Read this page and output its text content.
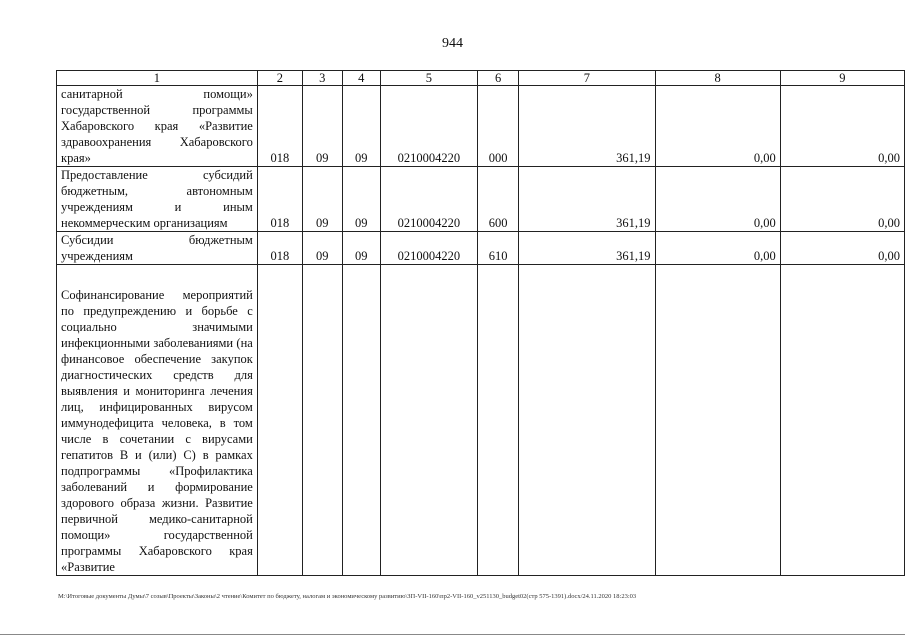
944
1	2	3	4	5	6	7	8	9
санитарной помощи» государственной программы Хабаровского края «Развитие здравоохранения Хабаровского края»	018	09	09	0210004220	000	361,19	0,00	0,00
Предоставление субсидий бюджетным, автономным учреждениям и иным некоммерческим организациям	018	09	09	0210004220	600	361,19	0,00	0,00
Субсидии бюджетным учреждениям	018	09	09	0210004220	610	361,19	0,00	0,00
Софинансирование мероприятий по предупреждению и борьбе с социально значимыми инфекционными заболеваниями (на финансовое обеспечение закупок диагностических средств для выявления и мониторинга лечения лиц, инфицированных вирусом иммунодефицита человека, в том числе в сочетании с вирусами гепатитов B и (или) C) в рамках подпрограммы «Профилактика заболеваний и формирование здорового образа жизни. Развитие первичной медико-санитарной помощи» государственной программы Хабаровского края «Развитие								
M:\Итоговые документы Думы\7 созыв\Проекты\Законы\2 чтение\Комитет по бюджету, налогам и экономическому развитию\ЗП-VII-160\пр2-VII-160_v251130_budget02(стр 575-1391).docx/24.11.2020 18:23:03
